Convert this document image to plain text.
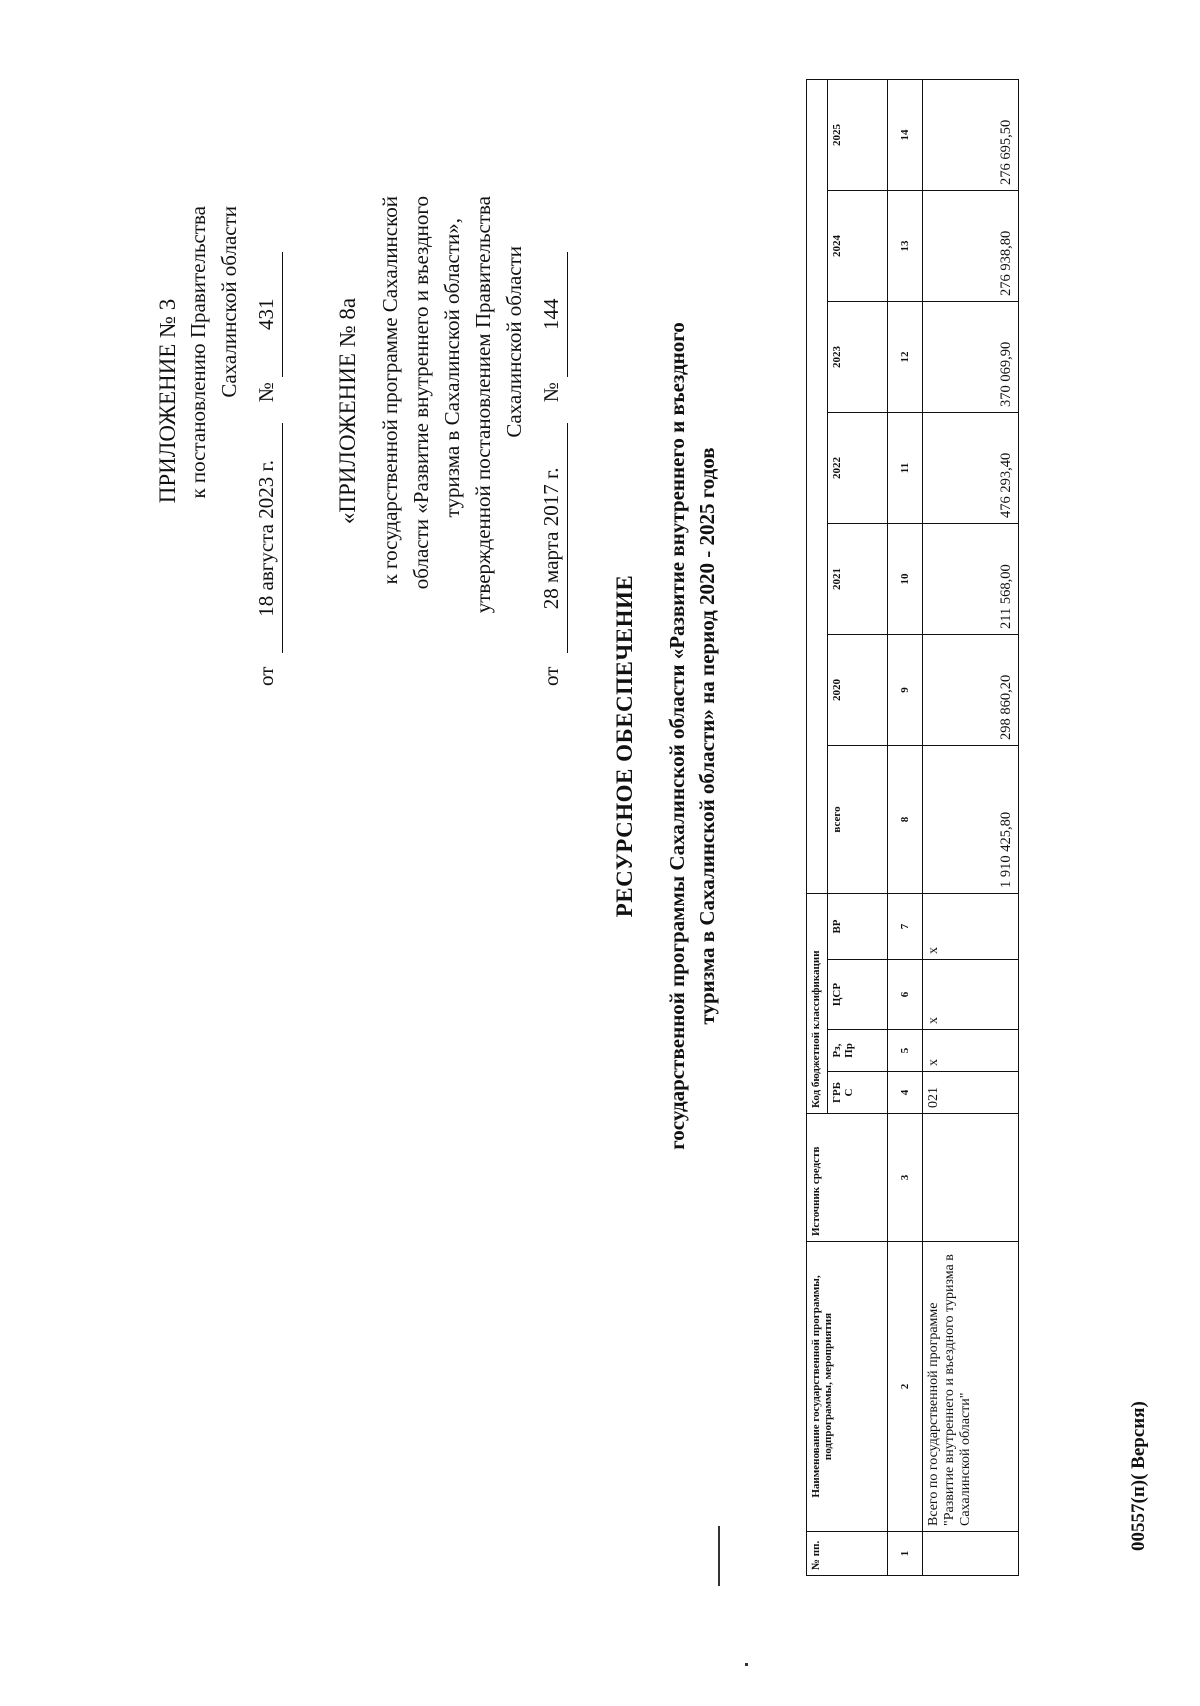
ПРИЛОЖЕНИЕ № 3 к постановлению Правительства Сахалинской области
от 18 августа 2023 г. № 431 «ПРИЛОЖЕНИЕ № 8а к государственной программе Сахалинской области «Развитие внутреннего и въездного туризма в Сахалинской области», утвержденной постановлением Правительства Сахалинской области
от 28 марта 2017 г. № 144
РЕСУРСНОЕ ОБЕСПЕЧЕНИЕ государственной программы Сахалинской области «Развитие внутреннего и въездного туризма в Сахалинской области» на период 2020 - 2025 годов
№ пп.	Наименование государственной программы, подпрограммы, мероприятия	Источник средств	Код бюджетной классификации										
			ГРБ С	Рз, Пр	ЦСР	ВР	всего	2020	2021	2022	2023	2024	2025
1	2	3	4	5	6	7	8	9	10	11	12	13	14
	Всего по государственной программе "Развитие внутреннего и въездного туризма в Сахалинской области"		021	х	х	х	1 910 425,80	298 860,20	211 568,00	476 293,40	370 069,90	276 938,80	276 695,50
00557(п)( Версия)
